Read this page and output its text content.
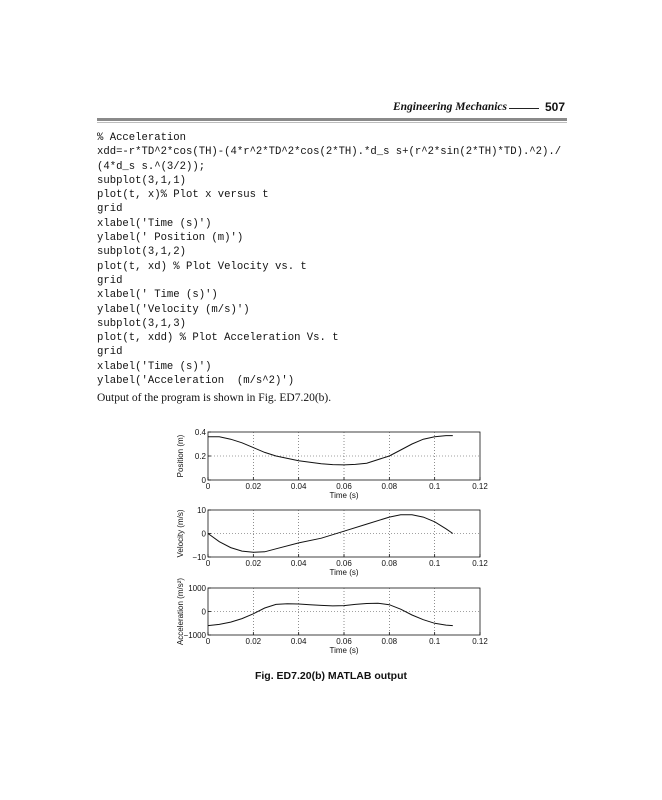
Engineering Mechanics	507
% Acceleration
xdd=-r*TD^2*cos(TH)-(4*r^2*TD^2*cos(2*TH).*d_s s+(r^2*sin(2*TH)*TD).^2)./
(4*d_s s.^(3/2));
subplot(3,1,1)
plot(t, x)% Plot x versus t
grid
xlabel('Time (s)')
ylabel(' Position (m)')
subplot(3,1,2)
plot(t, xd) % Plot Velocity vs. t
grid
xlabel(' Time (s)')
ylabel('Velocity (m/s)')
subplot(3,1,3)
plot(t, xdd) % Plot Acceleration Vs. t
grid
xlabel('Time (s)')
ylabel('Acceleration  (m/s^2)')
Output of the program is shown in Fig. ED7.20(b).
0	0.02	0.04	0.06	0.08	0.1	0.12
0
0.2
0.4
Time (s)
Position (m)
0	0.02	0.04	0.06	0.08	0.1	0.12
−10
0
10
Time (s)
Velocity (m/s)
0	0.02	0.04	0.06	0.08	0.1	0.12
−1000
0
1000
Time (s)
Acceleration (m/s²)
Fig. ED7.20(b) MATLAB output
